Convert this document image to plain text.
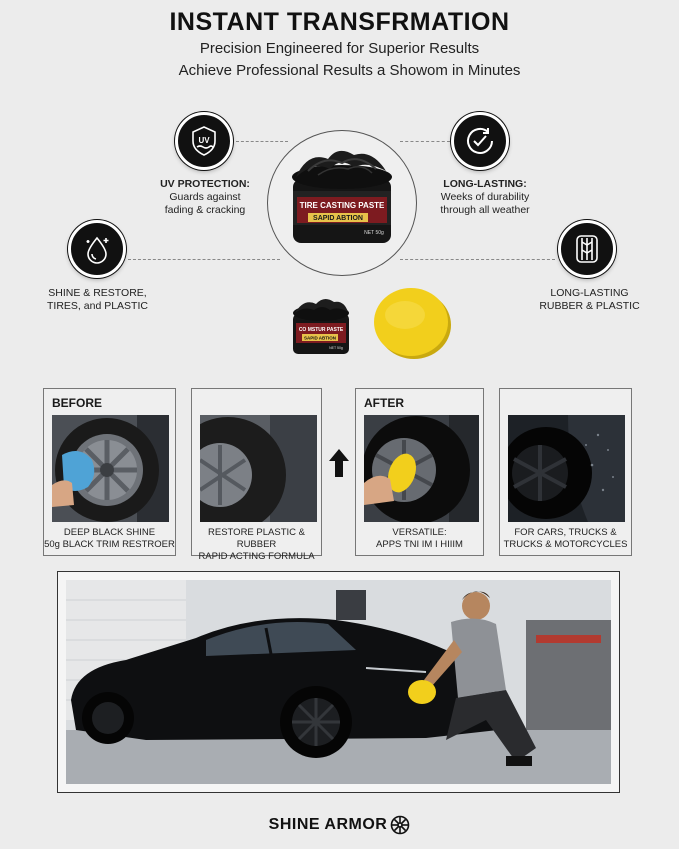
INSTANT TRANSFRMATION
Precision Engineered for Superior Results
Achieve Professional Results a Showom in Minutes
TIRE CASTING PASTE
SAPID ABTION
NET 50g
UV
UV PROTECTION:
Guards against
fading & cracking
LONG-LASTING:
Weeks of durability
through all weather
SHINE & RESTORE,
TIRES, and PLASTIC
LONG-LASTING
RUBBER & PLASTIC
CO MSTUR PASTE
SAPID ABTION
NET 50g
BEFORE
DEEP BLACK SHINE
50g BLACK TRIM RESTROER
RESTORE PLASTIC & RUBBER
RAPID ACTING FORMULA
AFTER
VERSATILE:
APPS TNI IM I HIIIM
FOR CARS, TRUCKS &
TRUCKS & MOTORCYCLES
SHINE ARMOR
